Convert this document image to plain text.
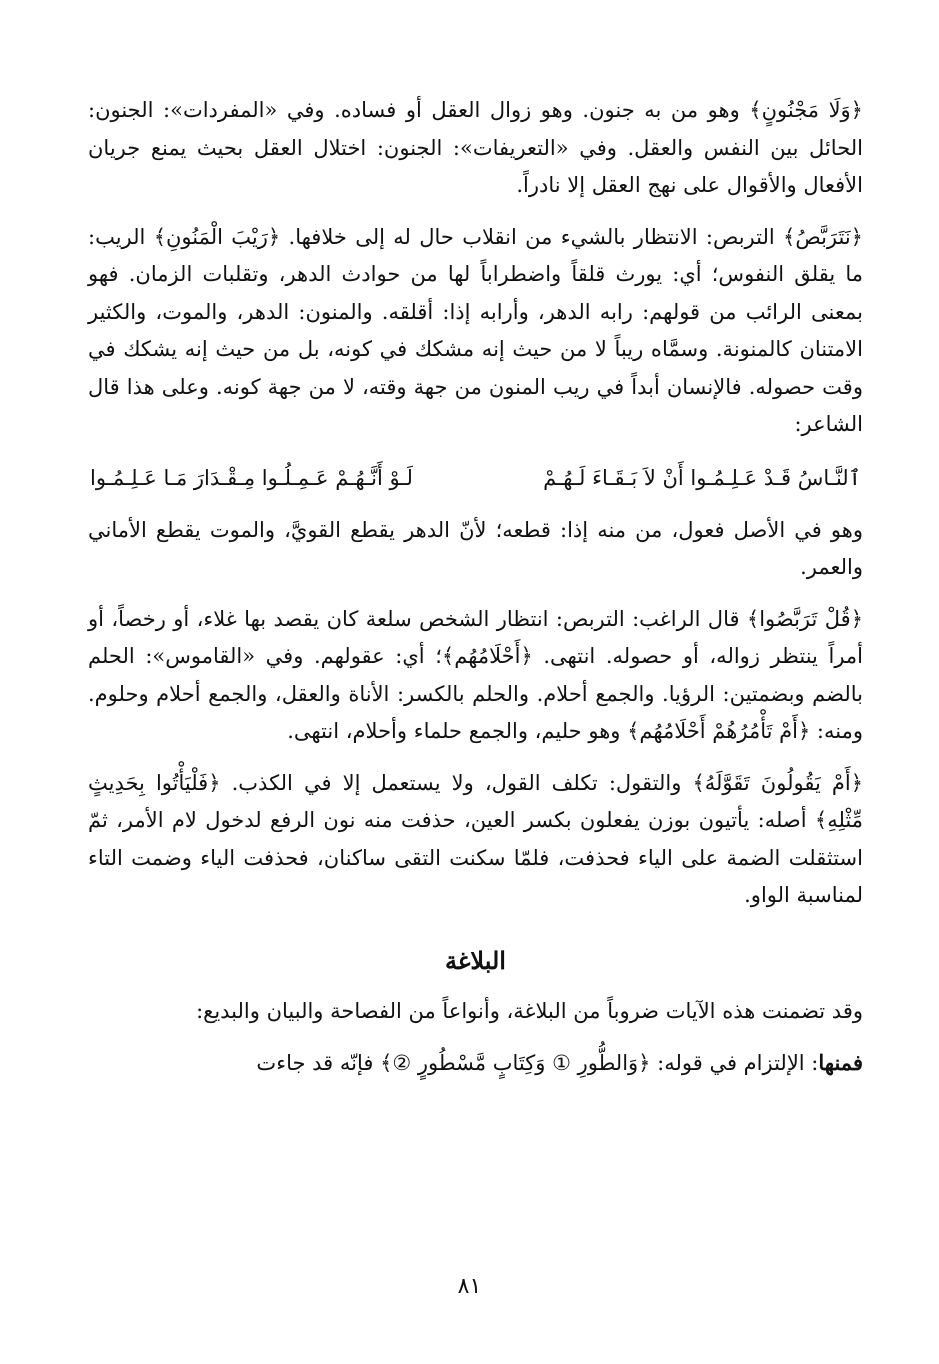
﴿وَلَا مَجْنُونٍ﴾ وهو من به جنون. وهو زوال العقل أو فساده. وفي «المفردات»: الجنون: الحائل بين النفس والعقل. وفي «التعريفات»: الجنون: اختلال العقل بحيث يمنع جريان الأفعال والأقوال على نهج العقل إلا نادراً.

﴿نَتَرَبَّصُ﴾ التربص: الانتظار بالشيء من انقلاب حال له إلى خلافها. ﴿رَيْبَ الْمَنُونِ﴾ الريب: ما يقلق النفوس؛ أي: يورث قلقاً واضطراباً لها من حوادث الدهر، وتقلبات الزمان. فهو بمعنى الرائب من قولهم: رابه الدهر، وأرابه إذا: أقلقه. والمنون: الدهر، والموت، والكثير الامتنان كالمنونة. وسمَّاه ريباً لا من حيث إنه مشكك في كونه، بل من حيث إنه يشكك في وقت حصوله. فالإنسان أبداً في ريب المنون من جهة وقته، لا من جهة كونه. وعلى هذا قال الشاعر:

ٱلنَّـاسُ قَـدْ عَـلِـمُـوا أَنْ لاَ بَـقَـاءَ لَـهُـمْ
لَـوْ أَنَّـهُـمْ عَـمِـلُـوا مِـقْـدَارَ مَـا عَـلِـمُـوا

وهو في الأصل فعول، من منه إذا: قطعه؛ لأنّ الدهر يقطع القويَّ، والموت يقطع الأماني والعمر.

﴿قُلْ تَرَبَّصُوا﴾ قال الراغب: التربص: انتظار الشخص سلعة كان يقصد بها غلاء، أو رخصاً، أو أمراً ينتظر زواله، أو حصوله. انتهى. ﴿أَحْلَامُهُم﴾؛ أي: عقولهم. وفي «القاموس»: الحلم بالضم وبضمتين: الرؤيا. والجمع أحلام. والحلم بالكسر: الأناة والعقل، والجمع أحلام وحلوم. ومنه: ﴿أَمْ تَأْمُرُهُمْ أَحْلَامُهُم﴾ وهو حليم، والجمع حلماء وأحلام، انتهى.

﴿أَمْ يَقُولُونَ تَقَوَّلَهُ﴾ والتقول: تكلف القول، ولا يستعمل إلا في الكذب. ﴿فَلْيَأْتُوا بِحَدِيثٍ مِّثْلِهِ﴾ أصله: يأتيون بوزن يفعلون بكسر العين، حذفت منه نون الرفع لدخول لام الأمر، ثمّ استثقلت الضمة على الياء فحذفت، فلمّا سكنت التقى ساكنان، فحذفت الياء وضمت التاء لمناسبة الواو.

البلاغة

وقد تضمنت هذه الآيات ضروباً من البلاغة، وأنواعاً من الفصاحة والبيان والبديع:

فمنها: الإلتزام في قوله: ﴿وَالطُّورِ ① وَكِتَابٍ مَّسْطُورٍ ②﴾ فإنّه قد جاءت

٨١
